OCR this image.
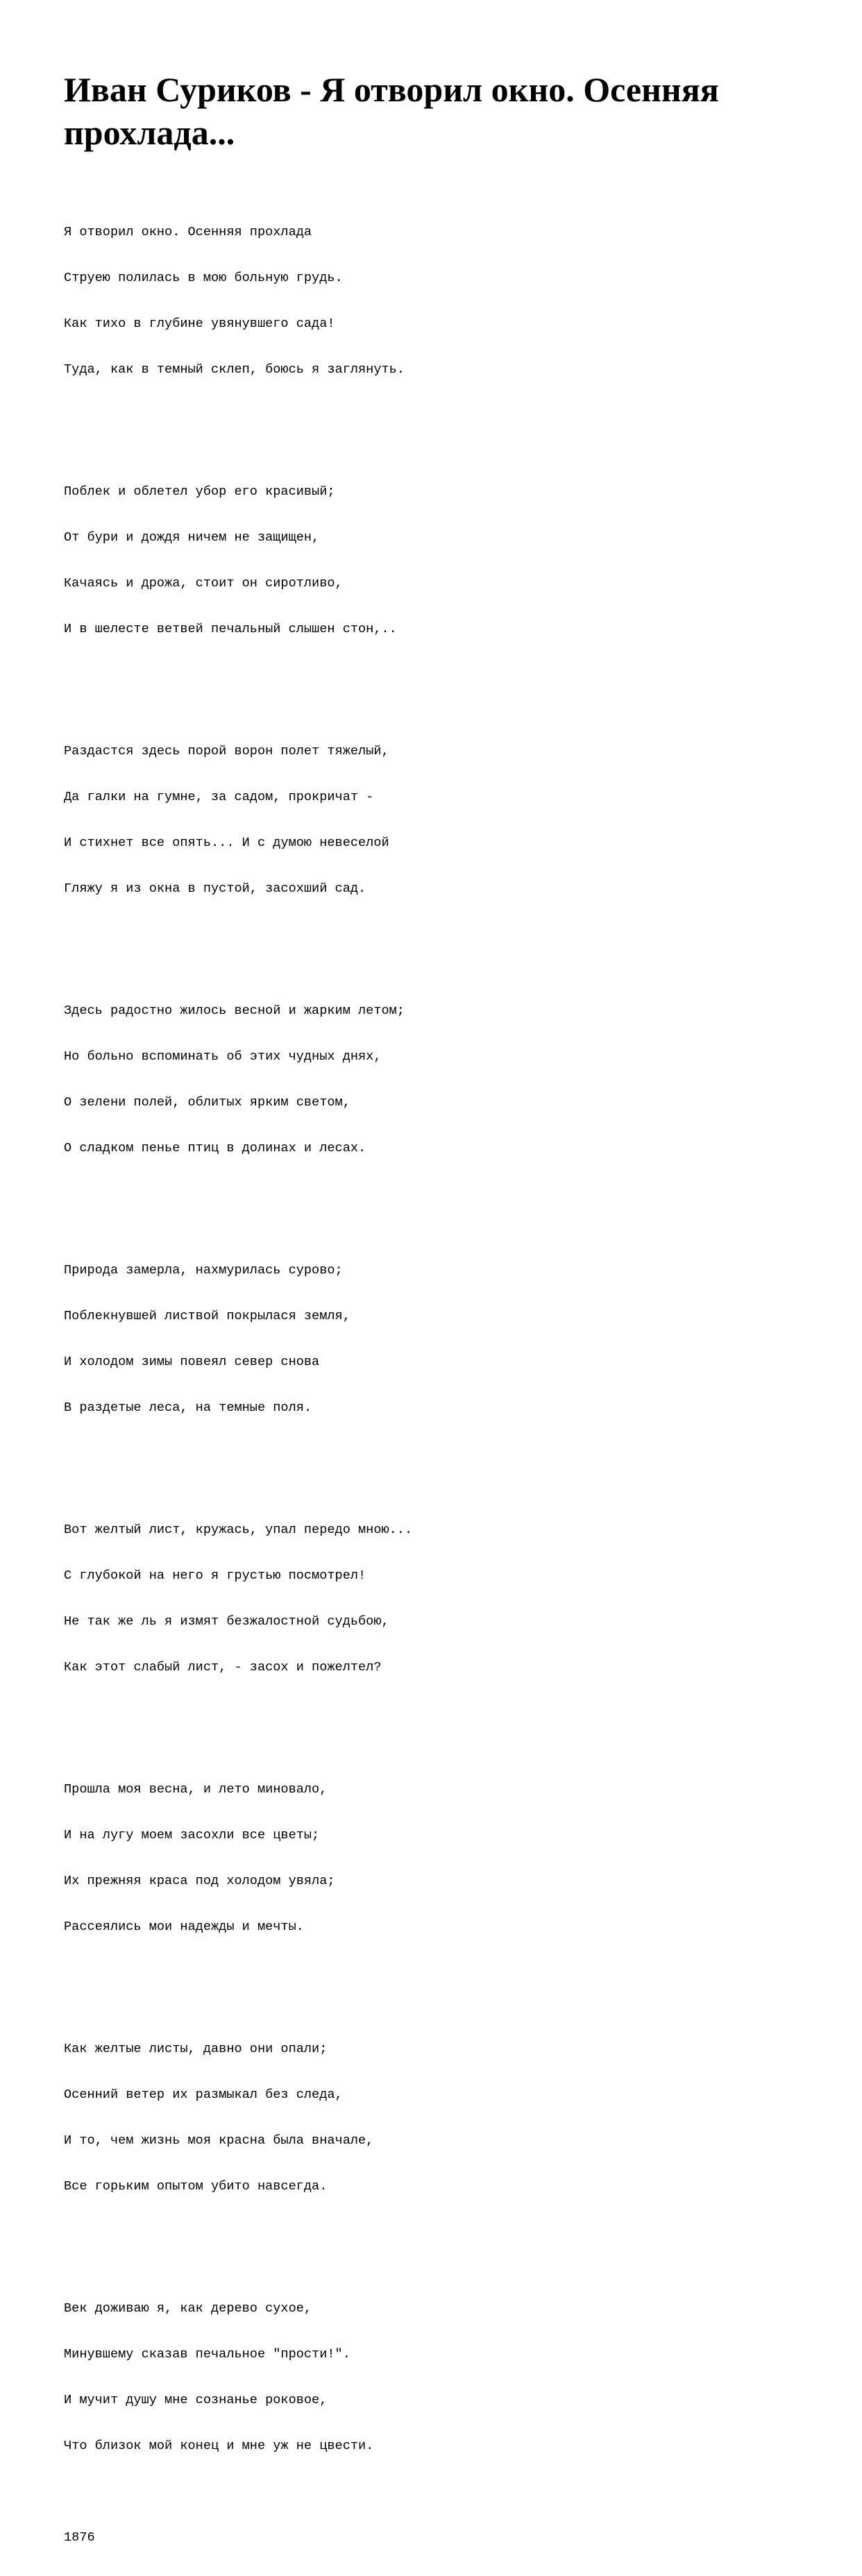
Иван Суриков - Я отворил окно. Осенняя прохлада...

Я отворил окно. Осенняя прохлада

Струею полилась в мою больную грудь.

Как тихо в глубине увянувшего сада!

Туда, как в темный склеп, боюсь я заглянуть.

Поблек и облетел убор его красивый;

От бури и дождя ничем не защищен,

Качаясь и дрожа, стоит он сиротливо,

И в шелесте ветвей печальный слышен стон,..

Раздастся здесь порой ворон полет тяжелый,

Да галки на гумне, за садом, прокричат -

И стихнет все опять... И с думою невеселой

Гляжу я из окна в пустой, засохший сад.

Здесь радостно жилось весной и жарким летом;

Но больно вспоминать об этих чудных днях,

О зелени полей, облитых ярким светом,

О сладком пенье птиц в долинах и лесах.

Природа замерла, нахмурилась сурово;

Поблекнувшей листвой покрылася земля,

И холодом зимы повеял север снова

В раздетые леса, на темные поля.

Вот желтый лист, кружась, упал передо мною...

С глубокой на него я грустью посмотрел!

Не так же ль я измят безжалостной судьбою,

Как этот слабый лист, - засох и пожелтел?

Прошла моя весна, и лето миновало,

И на лугу моем засохли все цветы;

Их прежняя краса под холодом увяла;

Рассеялись мои надежды и мечты.

Как желтые листы, давно они опали;

Осенний ветер их размыкал без следа,

И то, чем жизнь моя красна была вначале,

Все горьким опытом убито навсегда.

Век доживаю я, как дерево сухое,

Минувшему сказав печальное "прости!".

И мучит душу мне сознанье роковое,

Что близок мой конец и мне уж не цвести.

1876
